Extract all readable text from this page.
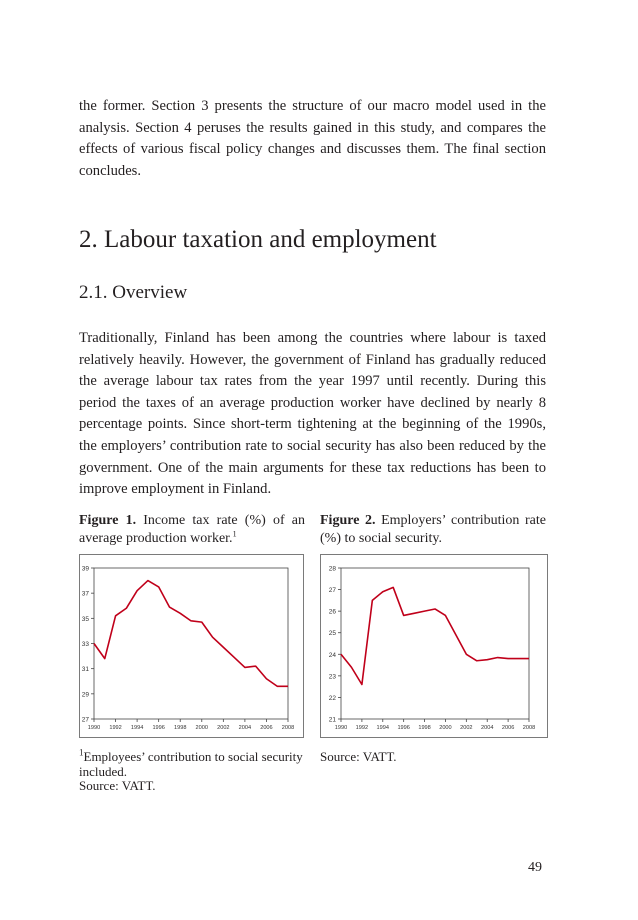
the former. Section 3 presents the structure of our macro model used in the analysis. Section 4 peruses the results gained in this study, and compares the effects of various fiscal policy changes and discusses them. The final section concludes.

2. Labour taxation and employment
2.1. Overview

Traditionally, Finland has been among the countries where labour is taxed relatively heavily. However, the government of Finland has gradually reduced the average labour tax rates from the year 1997 until recently. During this period the taxes of an average production worker have declined by nearly 8 percentage points. Since short-term tightening at the beginning of the 1990s, the employers’ contribution rate to social security has also been reduced by the government. One of the main arguments for these tax reductions has been to improve employment in Finland.

Figure 1. Income tax rate (%) of an average production worker.$^1$

Figure 2. Employers’ contribution rate (%) to social security.

27
29
31
33
35
37
39
1990 1992 1994 1996 1998 2000 2002 2004 2006 2008
21
22
23
24
25
26
27
28
1990 1992 1994 1996 1998 2000 2002 2004 2006 2008
$^1$Employees’ contribution to social security included.
Source: VATT.

Source: VATT.

49
